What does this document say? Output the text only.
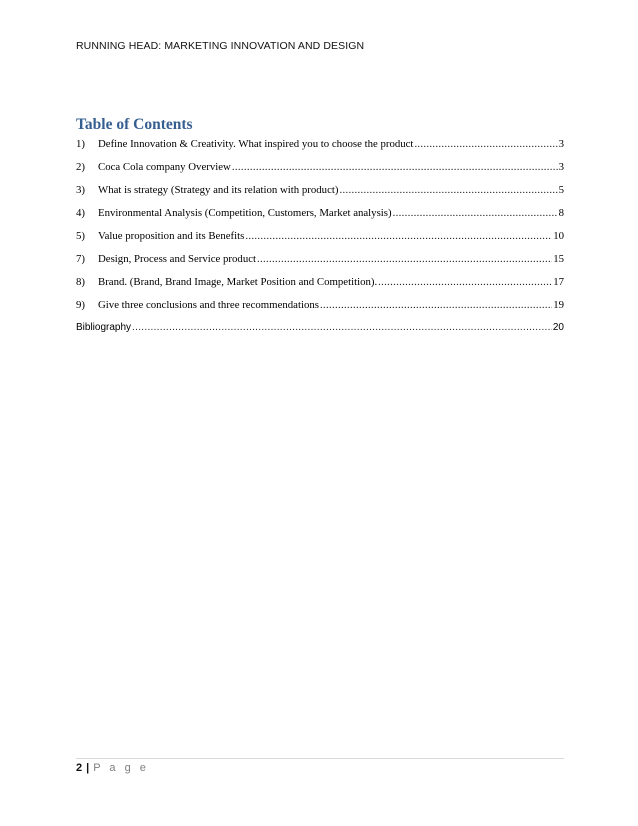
RUNNING HEAD: MARKETING INNOVATION AND DESIGN
Table of Contents
1)	Define Innovation & Creativity. What inspired you to choose the product .....	3
2)	Coca Cola company Overview .....	3
3)	What is strategy (Strategy and its relation with product) .....	5
4)	Environmental Analysis (Competition, Customers, Market analysis) .....	8
5)	Value proposition and its Benefits .....	10
7)	Design, Process and Service product .....	15
8)	Brand. (Brand, Brand Image, Market Position and Competition). .....	17
9)	Give three conclusions and three recommendations .....	19
Bibliography .....	20
2 | P a g e
